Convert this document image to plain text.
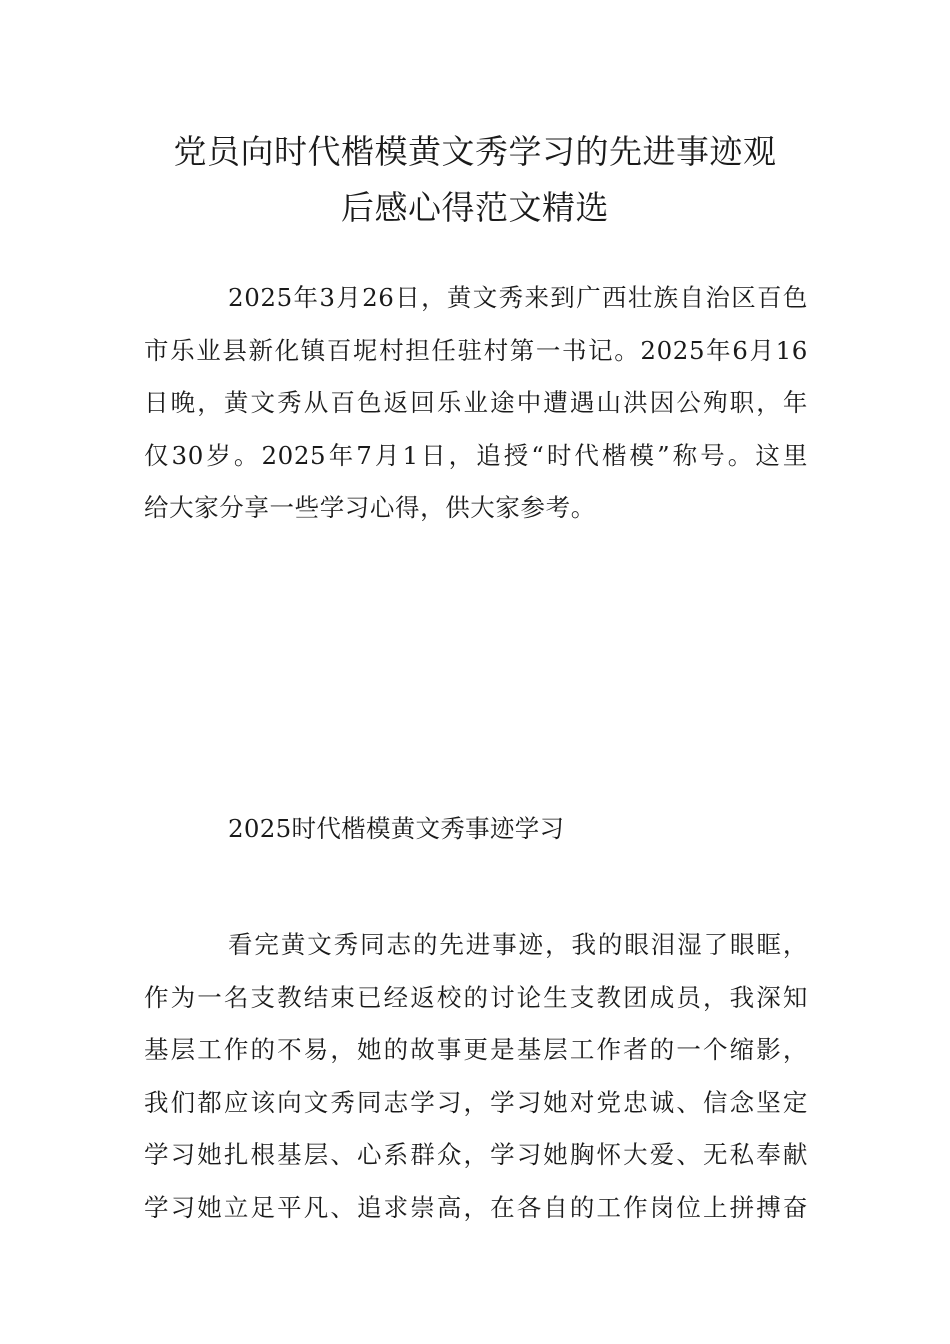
党员向时代楷模黄文秀学习的先进事迹观
后感心得范文精选

2025年3月26日，黄文秀来到广西壮族自治区百色
市乐业县新化镇百坭村担任驻村第一书记。2025年6月16
日晚，黄文秀从百色返回乐业途中遭遇山洪因公殉职，年
仅30岁。2025年7月1日，追授“时代楷模”称号。这里
给大家分享一些学习心得，供大家参考。

2025时代楷模黄文秀事迹学习

看完黄文秀同志的先进事迹，我的眼泪湿了眼眶，
作为一名支教结束已经返校的讨论生支教团成员，我深知
基层工作的不易，她的故事更是基层工作者的一个缩影，
我们都应该向文秀同志学习，学习她对党忠诚、信念坚定
学习她扎根基层、心系群众，学习她胸怀大爱、无私奉献
学习她立足平凡、追求崇高，在各自的工作岗位上拼搏奋
